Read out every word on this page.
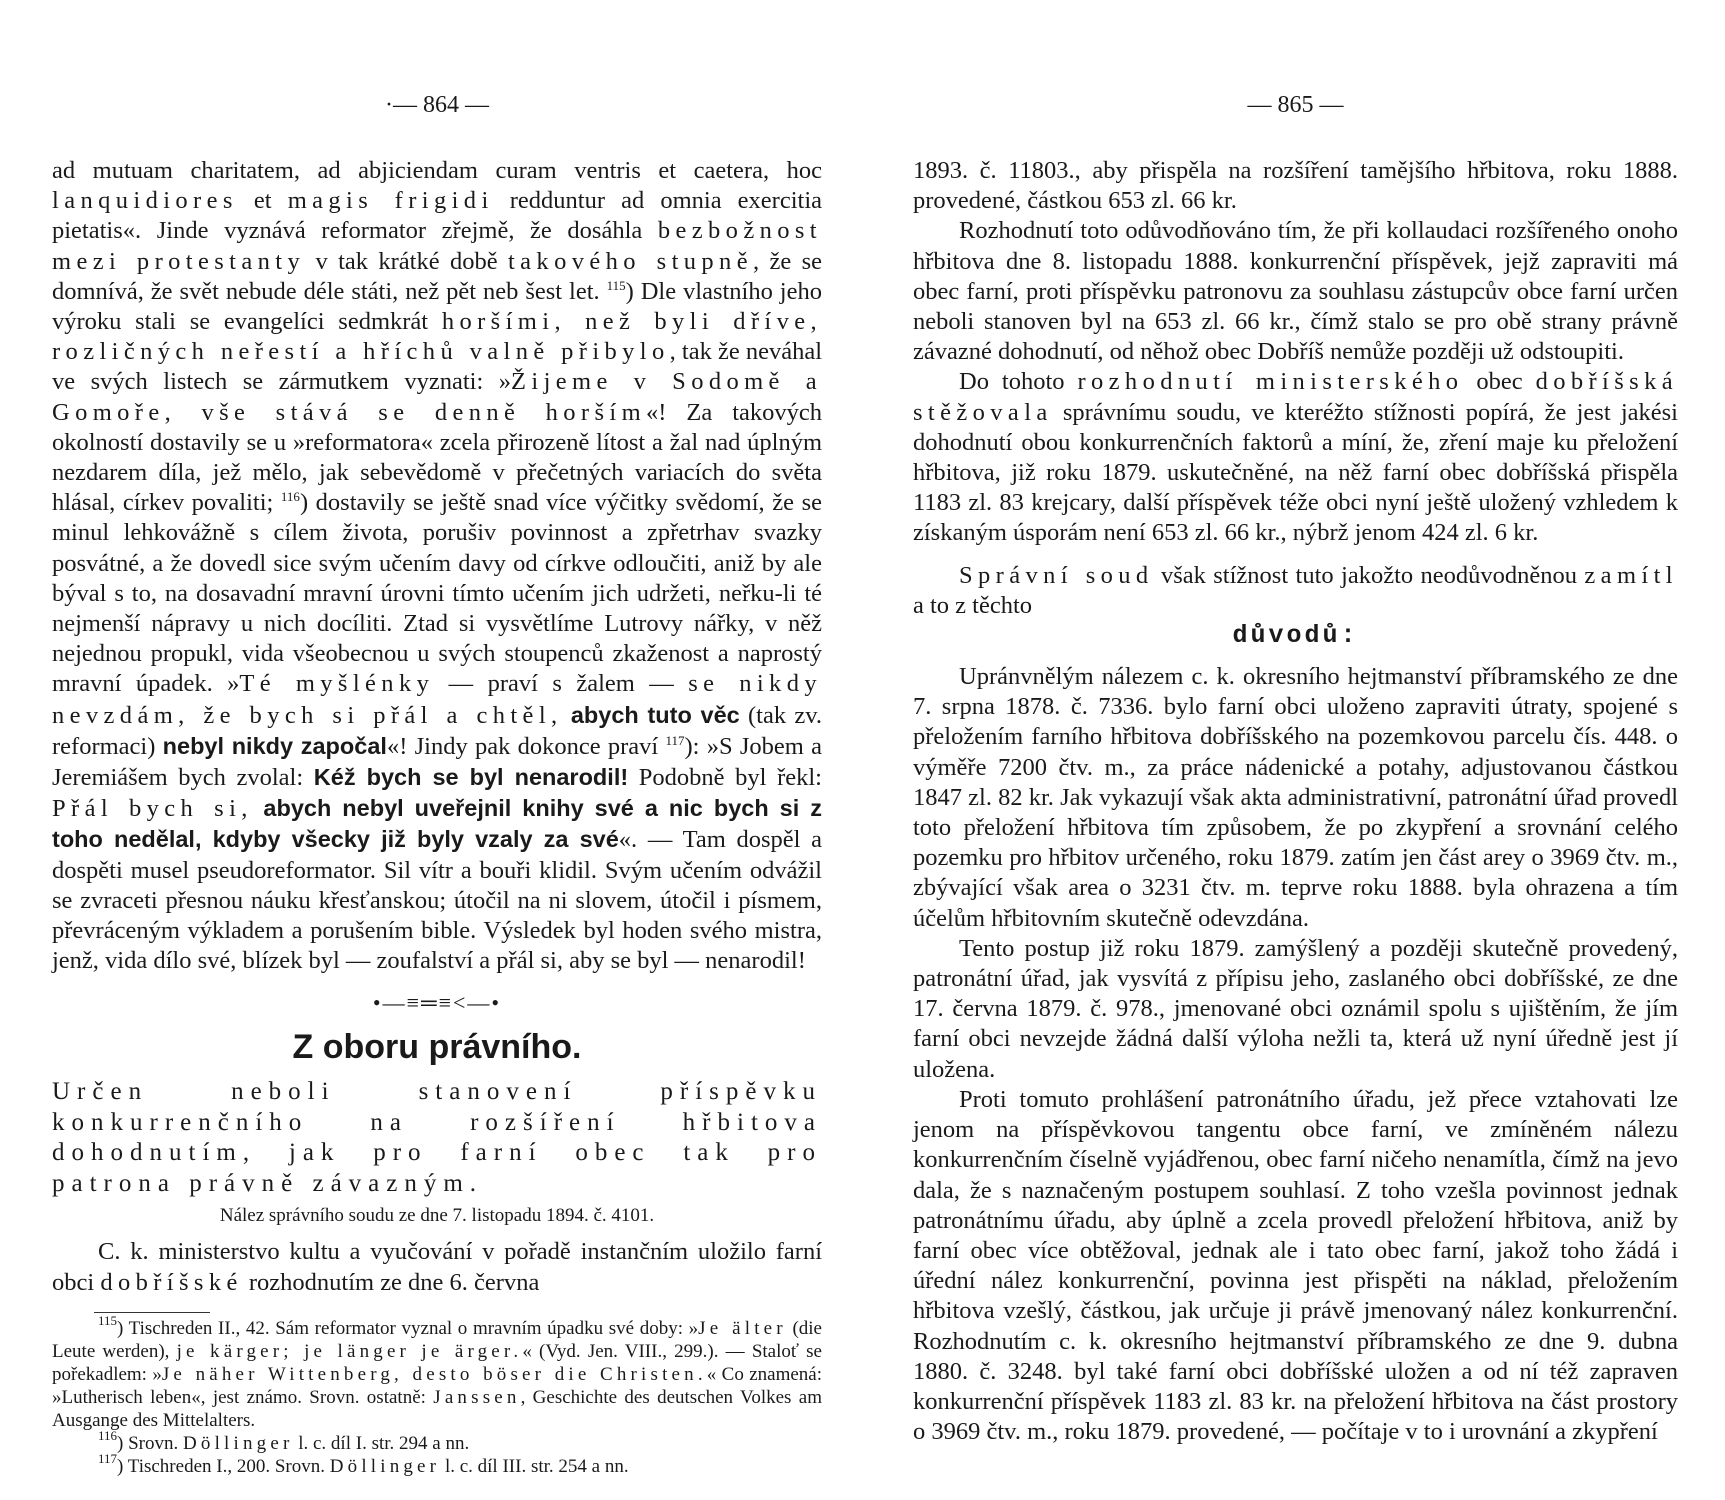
·— 864 —

ad mutuam charitatem, ad abjiciendam curam ventris et caetera, hoc lanquidiores et magis frigidi redduntur ad omnia exercitia pietatis«. Jinde vyznává reformator zřejmě, že dosáhla bezbožnost mezi protestanty v tak krátké době takového stupně, že se domnívá, že svět nebude déle státi, než pět neb šest let. $^{115}$) Dle vlastního jeho výroku stali se evangelíci sedmkrát horšími, než byli dříve, rozličných neřestí a hříchů valně přibylo, tak že neváhal ve svých listech se zármutkem vyznati: »Žijeme v Sodomě a Gomoře, vše stává se denně horším«! Za takových okolností dostavily se u »reformatora« zcela přirozeně lítost a žal nad úplným nezdarem díla, jež mělo, jak sebevědomě v přečetných variacích do světa hlásal, církev povaliti; $^{116}$) dostavily se ještě snad více výčitky svědomí, že se minul lehkovážně s cílem života, porušiv povinnost a zpřetrhav svazky posvátné, a že dovedl sice svým učením davy od církve odloučiti, aniž by ale býval s to, na dosavadní mravní úrovni tímto učením jich udržeti, neřku-li té nejmenší nápravy u nich docíliti. Ztad si vysvětlíme Lutrovy nářky, v něž nejednou propukl, vida všeobecnou u svých stoupenců zkaženost a naprostý mravní úpadek. »Té myšlénky — praví s žalem — se nikdy nevzdám, že bych si přál a chtěl, abych tuto věc (tak zv. reformaci) nebyl nikdy započal«! Jindy pak dokonce praví $^{117}$): »S Jobem a Jeremiášem bych zvolal: Kéž bych se byl nenarodil! Podobně byl řekl: Přál bych si, abych nebyl uveřejnil knihy své a nic bych si z toho nedělal, kdyby všecky již byly vzaly za své«. — Tam dospěl a dospěti musel pseudoreformator. Sil vítr a bouři klidil. Svým učením odvážil se zvraceti přesnou náuku křesťanskou; útočil na ni slovem, útočil i písmem, převráceným výkladem a porušením bible. Výsledek byl hoden svého mistra, jenž, vida dílo své, blízek byl — zoufalství a přál si, aby se byl — nenarodil!

•—≡═≡<—•
Z oboru právního.

Určen neboli stanovení příspěvku konkurrenčního na rozšíření hřbitova dohodnutím, jak pro farní obec tak pro patrona právně závazným.

Nález správního soudu ze dne 7. listopadu 1894. č. 4101.

C. k. ministerstvo kultu a vyučování v pořadě instančním uložilo farní obci dobříšské rozhodnutím ze dne 6. června

$^{115}$) Tischreden II., 42. Sám reformator vyznal o mravním úpadku své doby: »Je älter (die Leute werden), je kärger; je länger je ärger.« (Vyd. Jen. VIII., 299.). — Staloť se pořekadlem: »Je näher Wittenberg, desto böser die Christen.« Co znamená: »Lutherisch leben«, jest známo. Srovn. ostatně: Janssen, Geschichte des deutschen Volkes am Ausgange des Mittelalters.

$^{116}$) Srovn. Döllinger l. c. díl I. str. 294 a nn.

$^{117}$) Tischreden I., 200. Srovn. Döllinger l. c. díl III. str. 254 a nn.

— 865 —

1893. č. 11803., aby přispěla na rozšíření tamějšího hřbitova, roku 1888. provedené, částkou 653 zl. 66 kr.

Rozhodnutí toto odůvodňováno tím, že při kollaudaci rozšířeného onoho hřbitova dne 8. listopadu 1888. konkurrenční příspěvek, jejž zapraviti má obec farní, proti příspěvku patronovu za souhlasu zástupcův obce farní určen neboli stanoven byl na 653 zl. 66 kr., čímž stalo se pro obě strany právně závazné dohodnutí, od něhož obec Dobříš nemůže později už odstoupiti.

Do tohoto rozhodnutí ministerského obec dobříšská stěžovala správnímu soudu, ve kteréžto stížnosti popírá, že jest jakési dohodnutí obou konkurrenčních faktorů a míní, že, zření maje ku přeložení hřbitova, již roku 1879. uskutečněné, na něž farní obec dobříšská přispěla 1183 zl. 83 krejcary, další příspěvek téže obci nyní ještě uložený vzhledem k získaným úsporám není 653 zl. 66 kr., nýbrž jenom 424 zl. 6 kr.

Správní soud však stížnost tuto jakožto neodůvodněnou zamítl a to z těchto

důvodů:

Upránvnělým nálezem c. k. okresního hejtmanství příbramského ze dne 7. srpna 1878. č. 7336. bylo farní obci uloženo zapraviti útraty, spojené s přeložením farního hřbitova dobříšského na pozemkovou parcelu čís. 448. o výměře 7200 čtv. m., za práce nádenické a potahy, adjustovanou částkou 1847 zl. 82 kr. Jak vykazují však akta administrativní, patronátní úřad provedl toto přeložení hřbitova tím způsobem, že po zkypření a srovnání celého pozemku pro hřbitov určeného, roku 1879. zatím jen část arey o 3969 čtv. m., zbývající však area o 3231 čtv. m. teprve roku 1888. byla ohrazena a tím účelům hřbitovním skutečně odevzdána.

Tento postup již roku 1879. zamýšlený a později skutečně provedený, patronátní úřad, jak vysvítá z přípisu jeho, zaslaného obci dobříšské, ze dne 17. června 1879. č. 978., jmenované obci oznámil spolu s ujištěním, že jím farní obci nevzejde žádná další výloha nežli ta, která už nyní úředně jest jí uložena.

Proti tomuto prohlášení patronátního úřadu, jež přece vztahovati lze jenom na příspěvkovou tangentu obce farní, ve zmíněném nálezu konkurrenčním číselně vyjádřenou, obec farní ničeho nenamítla, čímž na jevo dala, že s naznačeným postupem souhlasí. Z toho vzešla povinnost jednak patronátnímu úřadu, aby úplně a zcela provedl přeložení hřbitova, aniž by farní obec více obtěžoval, jednak ale i tato obec farní, jakož toho žádá i úřední nález konkurrenční, povinna jest přispěti na náklad, přeložením hřbitova vzešlý, částkou, jak určuje ji právě jmenovaný nález konkurrenční. Rozhodnutím c. k. okresního hejtmanství příbramského ze dne 9. dubna 1880. č. 3248. byl také farní obci dobříšské uložen a od ní též zapraven konkurrenční příspěvek 1183 zl. 83 kr. na přeložení hřbitova na část prostory o 3969 čtv. m., roku 1879. provedené, — počítaje v to i urovnání a zkypření
